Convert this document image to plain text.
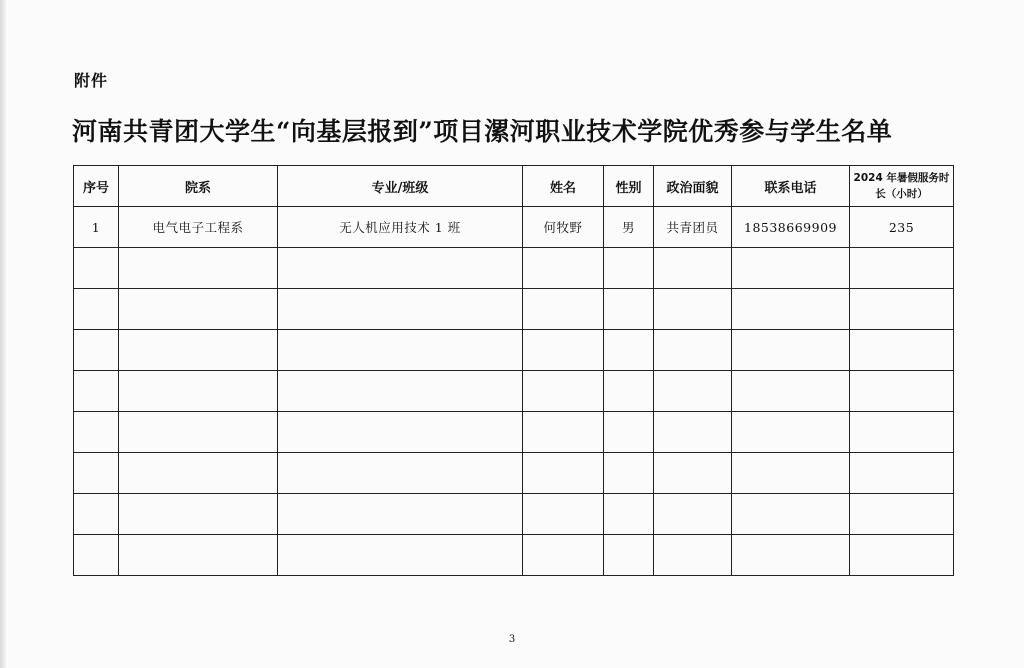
附件
河南共青团大学生“向基层报到”项目漯河职业技术学院优秀参与学生名单
序号	院系	专业/班级	姓名	性别	政治面貌	联系电话	2024 年暑假服务时长（小时）
1	电气电子工程系	无人机应用技术 1 班	何牧野	男	共青团员	18538669909	235

3
